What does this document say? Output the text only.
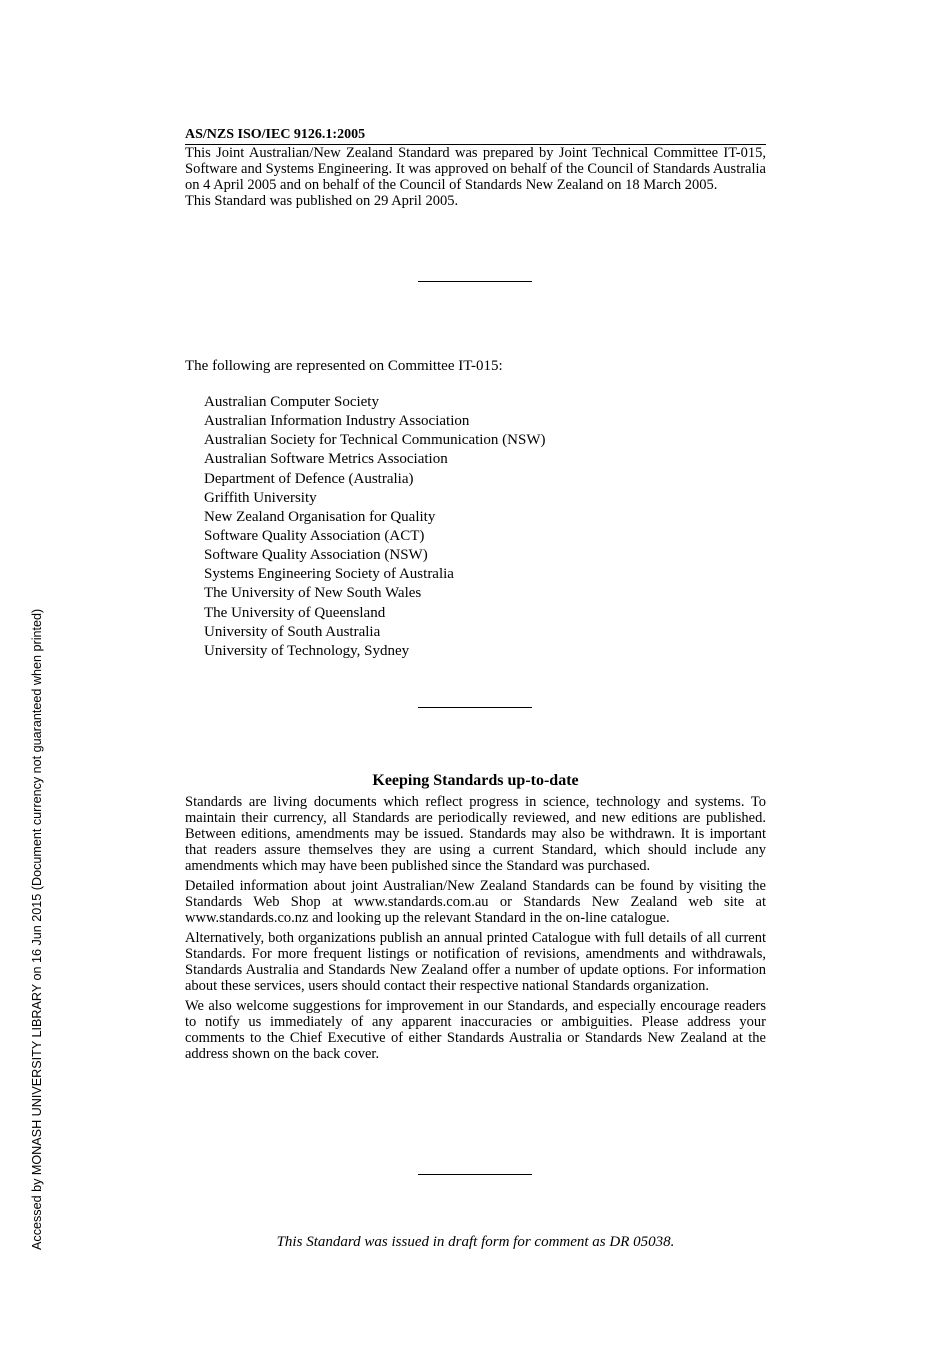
AS/NZS ISO/IEC 9126.1:2005

This Joint Australian/New Zealand Standard was prepared by Joint Technical Committee IT-015, Software and Systems Engineering. It was approved on behalf of the Council of Standards Australia on 4 April 2005 and on behalf of the Council of Standards New Zealand on 18 March 2005.

This Standard was published on 29 April 2005.

The following are represented on Committee IT-015:
Australian Computer Society
Australian Information Industry Association
Australian Society for Technical Communication (NSW)
Australian Software Metrics Association
Department of Defence (Australia)
Griffith University
New Zealand Organisation for Quality
Software Quality Association (ACT)
Software Quality Association (NSW)
Systems Engineering Society of Australia
The University of New South Wales
The University of Queensland
University of South Australia
University of Technology, Sydney
Keeping Standards up-to-date

Standards are living documents which reflect progress in science, technology and systems. To maintain their currency, all Standards are periodically reviewed, and new editions are published. Between editions, amendments may be issued. Standards may also be withdrawn. It is important that readers assure themselves they are using a current Standard, which should include any amendments which may have been published since the Standard was purchased.

Detailed information about joint Australian/New Zealand Standards can be found by visiting the Standards Web Shop at www.standards.com.au or Standards New Zealand web site at www.standards.co.nz and looking up the relevant Standard in the on-line catalogue.

Alternatively, both organizations publish an annual printed Catalogue with full details of all current Standards. For more frequent listings or notification of revisions, amendments and withdrawals, Standards Australia and Standards New Zealand offer a number of update options. For information about these services, users should contact their respective national Standards organization.

We also welcome suggestions for improvement in our Standards, and especially encourage readers to notify us immediately of any apparent inaccuracies or ambiguities. Please address your comments to the Chief Executive of either Standards Australia or Standards New Zealand at the address shown on the back cover.

This Standard was issued in draft form for comment as DR 05038.
Accessed by MONASH UNIVERSITY LIBRARY on 16 Jun 2015 (Document currency not guaranteed when printed)
